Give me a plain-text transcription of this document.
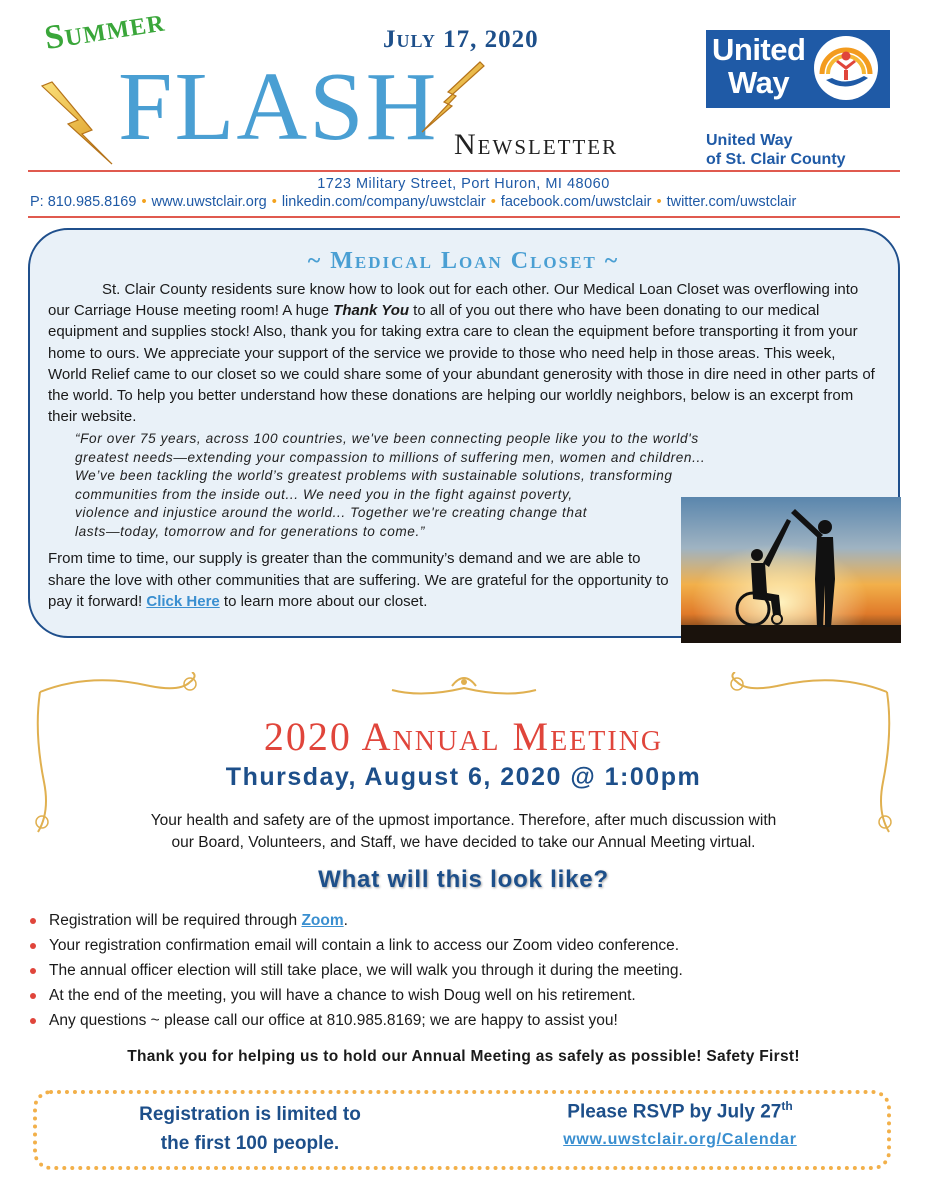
Summer
FLASH
July 17, 2020
Newsletter
United
Way
United Way
of St. Clair County
1723 Military Street, Port Huron, MI 48060
P: 810.985.8169 • www.uwstclair.org • linkedin.com/company/uwstclair • facebook.com/uwstclair • twitter.com/uwstclair
~ Medical Loan Closet ~

St. Clair County residents sure know how to look out for each other. Our Medical Loan Closet was overflowing into our Carriage House meeting room! A huge Thank You to all of you out there who have been donating to our medical equipment and supplies stock! Also, thank you for taking extra care to clean the equipment before transporting it from your home to ours. We appreciate your support of the service we provide to those who need help in those areas. This week, World Relief came to our closet so we could share some of your abundant generosity with those in dire need in other parts of the world. To help you better understand how these donations are helping our worldly neighbors, below is an excerpt from their website.

“For over 75 years, across 100 countries, we've been connecting people like you to the world's
greatest needs—extending your compassion to millions of suffering men, women and children...
We’ve been tackling the world’s greatest problems with sustainable solutions, transforming
communities from the inside out... We need you in the fight against poverty,
violence and injustice around the world... Together we're creating change that
lasts—today, tomorrow and for generations to come.”
From time to time, our supply is greater than the community’s demand and we are able to share the love with other communities that are suffering. We are grateful for the opportunity to pay it forward! Click Here to learn more about our closet.
2020 Annual Meeting
Thursday, August 6, 2020 @ 1:00pm
Your health and safety are of the upmost importance. Therefore, after much discussion with
our Board, Volunteers, and Staff, we have decided to take our Annual Meeting virtual.
What will this look like?
Registration will be required through Zoom.
Your registration confirmation email will contain a link to access our Zoom video conference.
The annual officer election will still take place, we will walk you through it during the meeting.
At the end of the meeting, you will have a chance to wish Doug well on his retirement.
Any questions ~ please call our office at 810.985.8169; we are happy to assist you!
Thank you for helping us to hold our Annual Meeting as safely as possible! Safety First!
Registration is limited to
the first 100 people.
Please RSVP by July 27th
www.uwstclair.org/Calendar
